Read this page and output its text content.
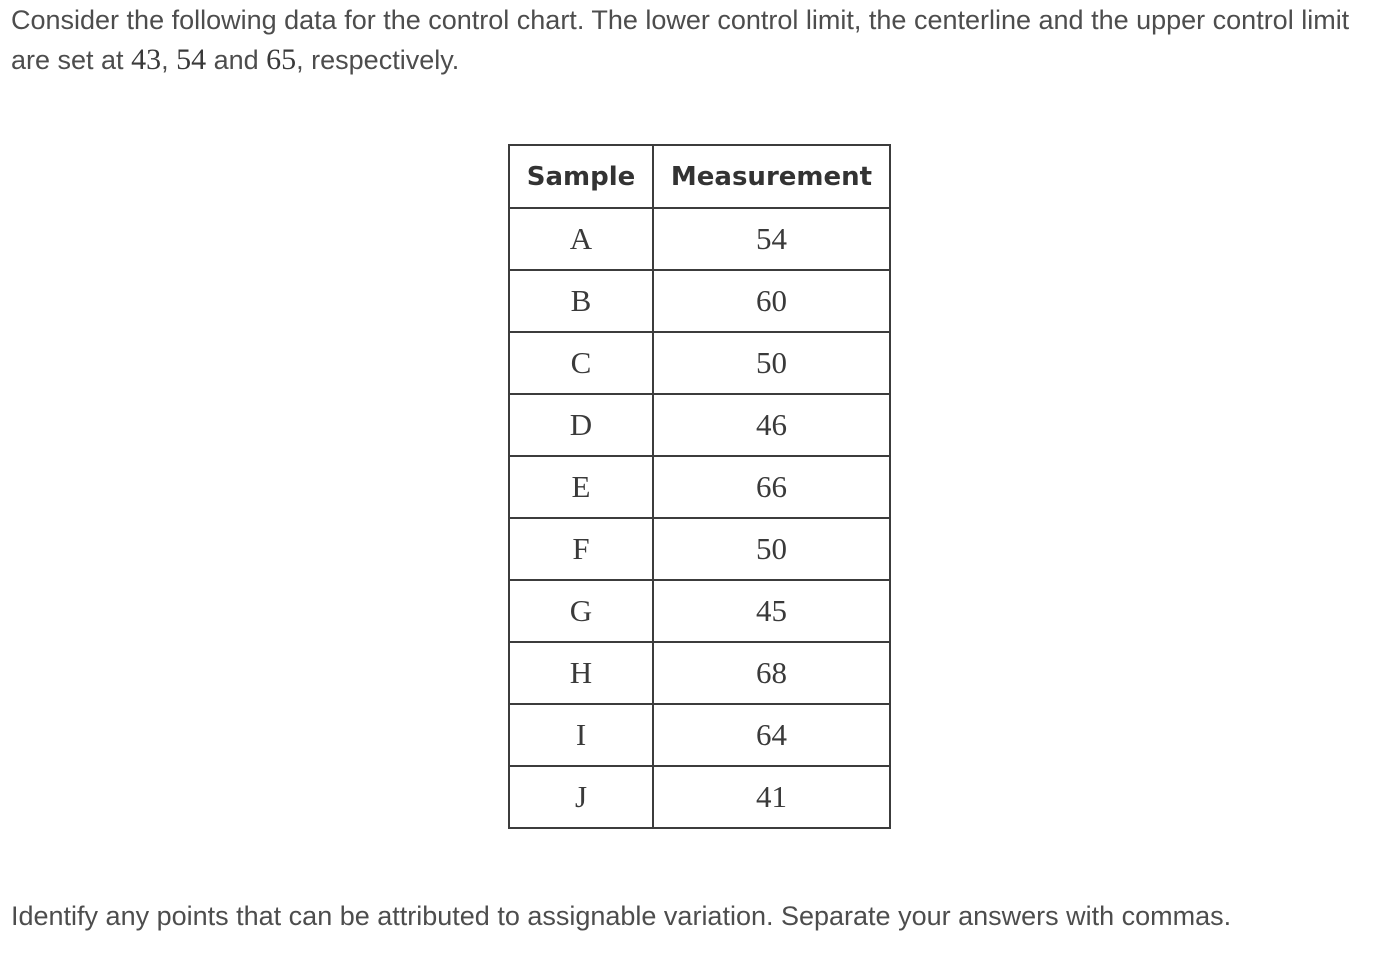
Consider the following data for the control chart. The lower control limit, the centerline and the upper control limit are set at 43, 54 and 65, respectively.

Sample	Measurement
A	54
B	60
C	50
D	46
E	66
F	50
G	45
H	68
I	64
J	41

Identify any points that can be attributed to assignable variation. Separate your answers with commas.
